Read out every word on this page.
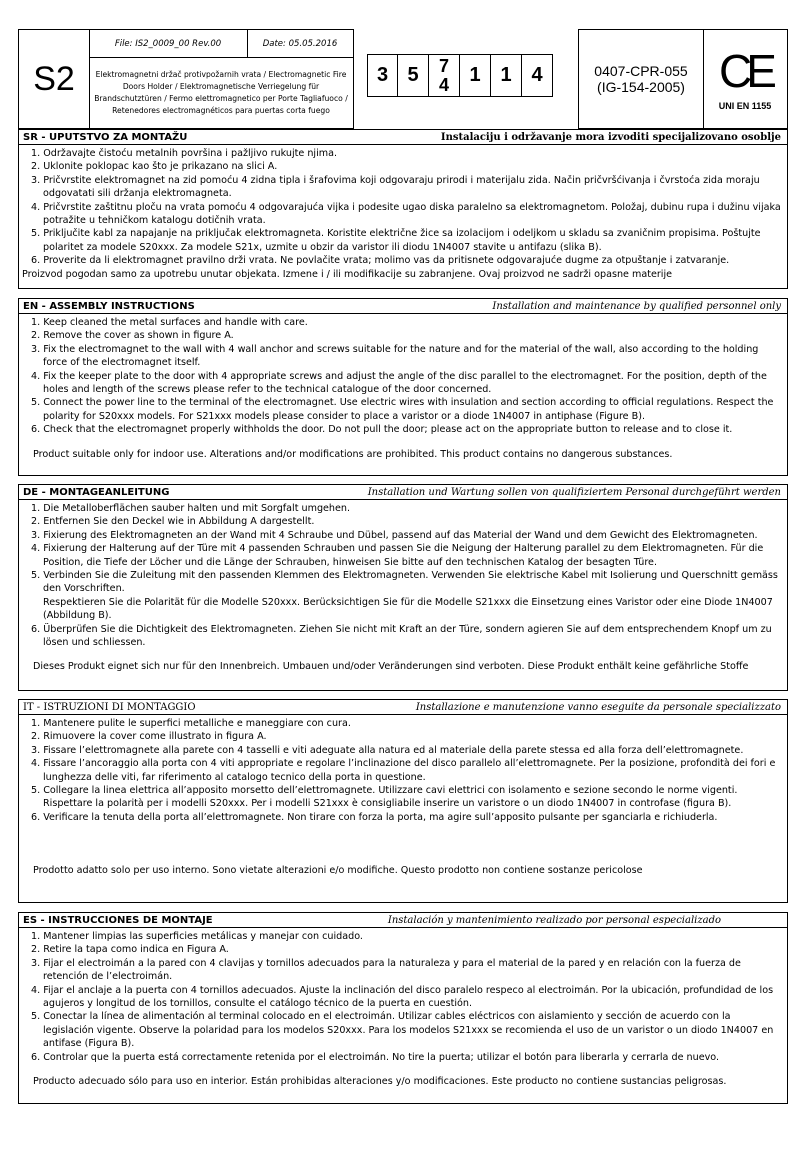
S2
File: IS2_0009_00 Rev.00	Date: 05.05.2016
Elektromagnetni držač protivpožarnih vrata / Electromagnetic Fire Doors Holder / Elektromagnetische Verriegelung für Brandschutztüren / Fermo elettromagnetico per Porte Tagliafuoco / Retenedores electromagnéticos para puertas corta fuego
3 5	7
4	1 1 4	0407-CPR-055
(IG-154-2005) CE
UNI EN 1155
SR - UPUTSTVO ZA MONTAŽU	Instalaciju i održavanje mora izvoditi specijalizovano osoblje
1. Održavajte čistoću metalnih površina i pažljivo rukujte njima.
2. Uklonite poklopac kao što je prikazano na slici A.
3. Pričvrstite elektromagnet na zid pomoću 4 zidna tipla i šrafovima koji odgovaraju prirodi i materijalu zida. Način pričvršćivanja i čvrstoća zida moraju odgovatati sili držanja elektromagneta.
4. Pričvrstite zaštitnu ploču na vrata pomoću 4 odgovarajuća vijka i podesite ugao diska paralelno sa elektromagnetom. Položaj, dubinu rupa i dužinu vijaka potražite u tehničkom katalogu dotičnih vrata.
5. Priključite kabl za napajanje na priključak elektromagneta. Koristite električne žice sa izolacijom i odeljkom u skladu sa zvaničnim propisima. Poštujte polaritet za modele S20xxx. Za modele S21x, uzmite u obzir da varistor ili diodu 1N4007 stavite u antifazu (slika B).
6. Proverite da li elektromagnet pravilno drži vrata. Ne povlačite vrata; molimo vas da pritisnete odgovarajuće dugme za otpuštanje i zatvaranje.
Proizvod pogodan samo za upotrebu unutar objekata. Izmene i / ili modifikacije su zabranjene. Ovaj proizvod ne sadrži opasne materije
EN - ASSEMBLY INSTRUCTIONS	Installation and maintenance by qualified personnel only
1. Keep cleaned the metal surfaces and handle with care.
2. Remove the cover as shown in figure A.
3. Fix the electromagnet to the wall with 4 wall anchor and screws suitable for the nature and for the material of the wall, also according to the holding force of the electromagnet itself.
4. Fix the keeper plate to the door with 4 appropriate screws and adjust the angle of the disc parallel to the electromagnet. For the position, depth of the holes and length of the screws please refer to the technical catalogue of the door concerned.
5. Connect the power line to the terminal of the electromagnet. Use electric wires with insulation and section according to official regulations. Respect the polarity for S20xxx models. For S21xxx models please consider to place a varistor or a diode 1N4007 in antiphase (Figure B).
6. Check that the electromagnet properly withholds the door. Do not pull the door; please act on the appropriate button to release and to close it.
Product suitable only for indoor use. Alterations and/or modifications are prohibited. This product contains no dangerous substances.
DE - MONTAGEANLEITUNG	Installation und Wartung sollen von qualifiziertem Personal durchgeführt werden
1. Die Metalloberflächen sauber halten und mit Sorgfalt umgehen.
2. Entfernen Sie den Deckel wie in Abbildung A dargestellt.
3. Fixierung des Elektromagneten an der Wand mit 4 Schraube und Dübel, passend auf das Material der Wand und dem Gewicht des Elektromagneten.
4. Fixierung der Halterung auf der Türe mit 4 passenden Schrauben und passen Sie die Neigung der Halterung parallel zu dem Elektromagneten. Für die Position, die Tiefe der Löcher und die Länge der Schrauben, hinweisen Sie bitte auf den technischen Katalog der besagten Türe.
5. Verbinden Sie die Zuleitung mit den passenden Klemmen des Elektromagneten. Verwenden Sie elektrische Kabel mit Isolierung und Querschnitt gemäss den Vorschriften.
Respektieren Sie die Polarität für die Modelle S20xxx. Berücksichtigen Sie für die Modelle S21xxx die Einsetzung eines Varistor oder eine Diode 1N4007 (Abbildung B).
6. Überprüfen Sie die Dichtigkeit des Elektromagneten. Ziehen Sie nicht mit Kraft an der Türe, sondern agieren Sie auf dem entsprechendem Knopf um zu lösen und schliessen.
Dieses Produkt eignet sich nur für den Innenbreich. Umbauen und/oder Veränderungen sind verboten. Diese Produkt enthält keine gefährliche Stoffe
IT - ISTRUZIONI DI MONTAGGIO	Installazione e manutenzione vanno eseguite da personale specializzato
1. Mantenere pulite le superfici metalliche e maneggiare con cura.
2. Rimuovere la cover come illustrato in figura A.
3. Fissare l’elettromagnete alla parete con 4 tasselli e viti adeguate alla natura ed al materiale della parete stessa ed alla forza dell’elettromagnete.
4. Fissare l’ancoraggio alla porta con 4 viti appropriate e regolare l’inclinazione del disco parallelo all’elettromagnete. Per la posizione, profondità dei fori e lunghezza delle viti, far riferimento al catalogo tecnico della porta in questione.
5. Collegare la linea elettrica all’apposito morsetto dell’elettromagnete. Utilizzare cavi elettrici con isolamento e sezione secondo le norme vigenti.
Rispettare la polarità per i modelli S20xxx. Per i modelli S21xxx è consigliabile inserire un varistore o un diodo 1N4007 in controfase (figura B).
6. Verificare la tenuta della porta all’elettromagnete. Non tirare con forza la porta, ma agire sull’apposito pulsante per sganciarla e richiuderla.
Prodotto adatto solo per uso interno. Sono vietate alterazioni e/o modifiche. Questo prodotto non contiene sostanze pericolose
ES - INSTRUCCIONES DE MONTAJE	Instalación y mantenimiento realizado por personal especializado
1. Mantener limpias las superficies metálicas y manejar con cuidado.
2. Retire la tapa como indica en Figura A.
3. Fijar el electroimán a la pared con 4 clavijas y tornillos adecuados para la naturaleza y para el material de la pared y en relación con la fuerza de retención de l’electroimán.
4. Fijar el anclaje a la puerta con 4 tornillos adecuados. Ajuste la inclinación del disco paralelo respeco al electroimán. Por la ubicación, profundidad de los agujeros y longitud de los tornillos, consulte el catálogo técnico de la puerta en cuestión.
5. Conectar la línea de alimentación al terminal colocado en el electroimán. Utilizar cables eléctricos con aislamiento y sección de acuerdo con la legislación vigente. Observe la polaridad para los modelos S20xxx. Para los modelos S21xxx se recomienda el uso de un varistor o un diodo 1N4007 en antifase (Figura B).
6. Controlar que la puerta está correctamente retenida por el electroimán. No tire la puerta; utilizar el botón para liberarla y cerrarla de nuevo.
Producto adecuado sólo para uso en interior. Están prohibidas alteraciones y/o modificaciones. Este producto no contiene sustancias peligrosas.
